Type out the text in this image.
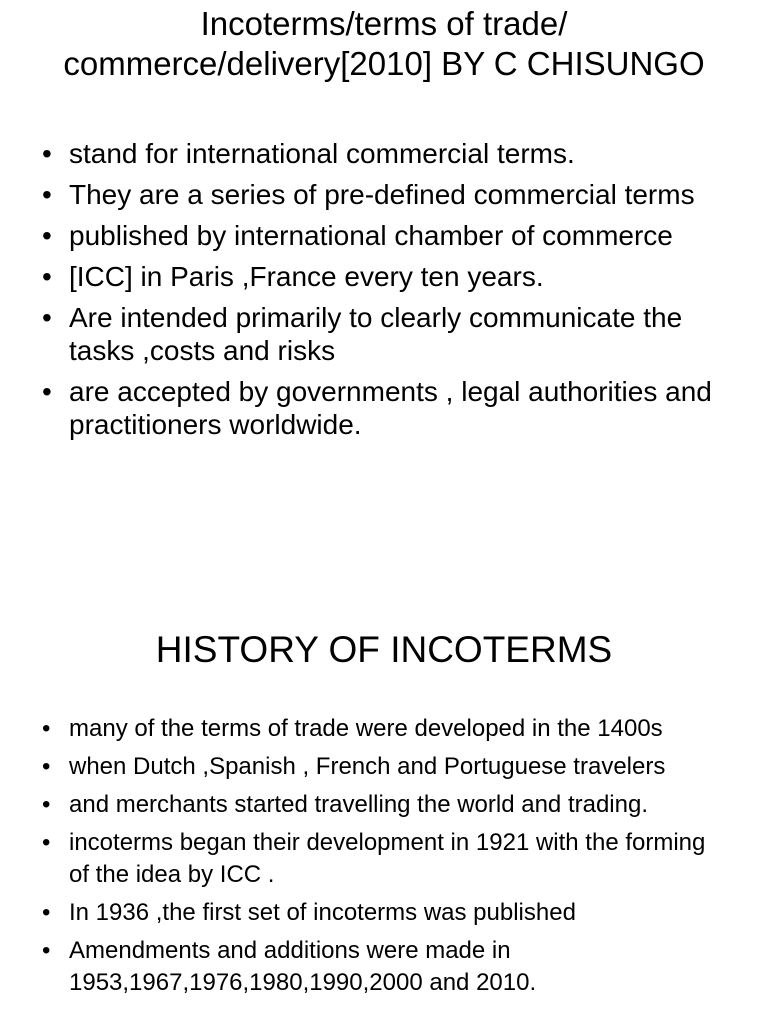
Incoterms/terms of trade/ commerce/delivery[2010] BY C CHISUNGO
• stand for international commercial terms.
• They are a series of pre-defined commercial terms
• published by international chamber of commerce
• [ICC] in Paris ,France every ten years.
• Are intended primarily to clearly communicate the tasks ,costs and risks
• are accepted by governments , legal authorities and practitioners worldwide.
HISTORY OF INCOTERMS
• many of the terms of trade were developed in the 1400s
• when Dutch ,Spanish , French and Portuguese travelers
• and merchants started travelling the world and trading.
• incoterms began their development in 1921 with the forming of the idea by ICC .
• In 1936 ,the first set of incoterms was published
• Amendments and additions were made in 1953,1967,1976,1980,1990,2000 and 2010.
